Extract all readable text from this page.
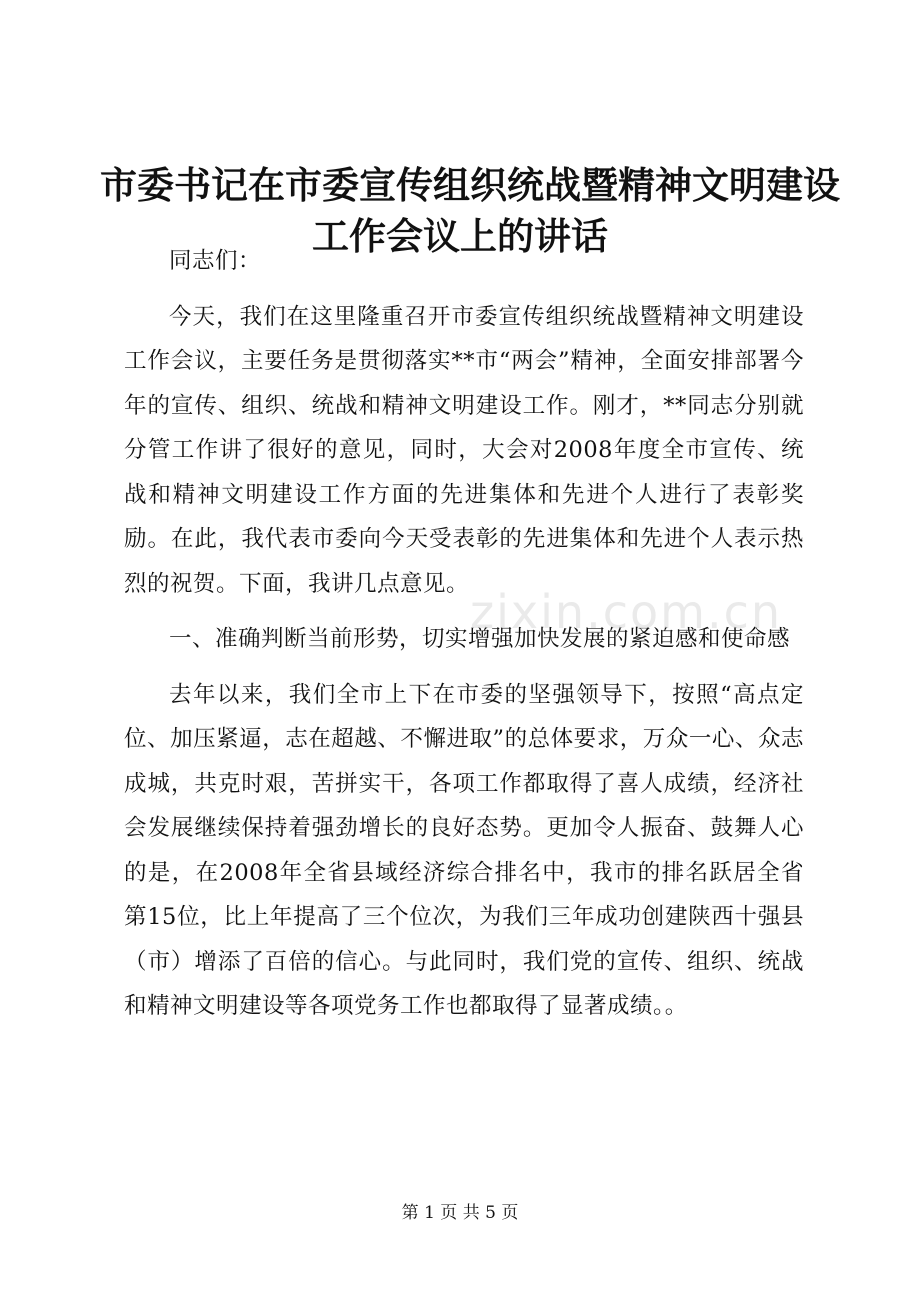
市委书记在市委宣传组织统战暨精神文明建设
工作会议上的讲话

同志们：

今天，我们在这里隆重召开市委宣传组织统战暨精神文明建设工作会议，主要任务是贯彻落实**市“两会”精神，全面安排部署今年的宣传、组织、统战和精神文明建设工作。刚才，**同志分别就分管工作讲了很好的意见，同时，大会对2008年度全市宣传、统战和精神文明建设工作方面的先进集体和先进个人进行了表彰奖励。在此，我代表市委向今天受表彰的先进集体和先进个人表示热烈的祝贺。下面，我讲几点意见。

一、准确判断当前形势，切实增强加快发展的紧迫感和使命感

去年以来，我们全市上下在市委的坚强领导下，按照“高点定位、加压紧逼，志在超越、不懈进取”的总体要求，万众一心、众志成城，共克时艰，苦拼实干，各项工作都取得了喜人成绩，经济社会发展继续保持着强劲增长的良好态势。更加令人振奋、鼓舞人心的是，在2008年全省县域经济综合排名中，我市的排名跃居全省第15位，比上年提高了三个位次，为我们三年成功创建陕西十强县（市）增添了百倍的信心。与此同时，我们党的宣传、组织、统战和精神文明建设等各项党务工作也都取得了显著成绩。。

zixin.com.cn
第 1 页 共 5 页
